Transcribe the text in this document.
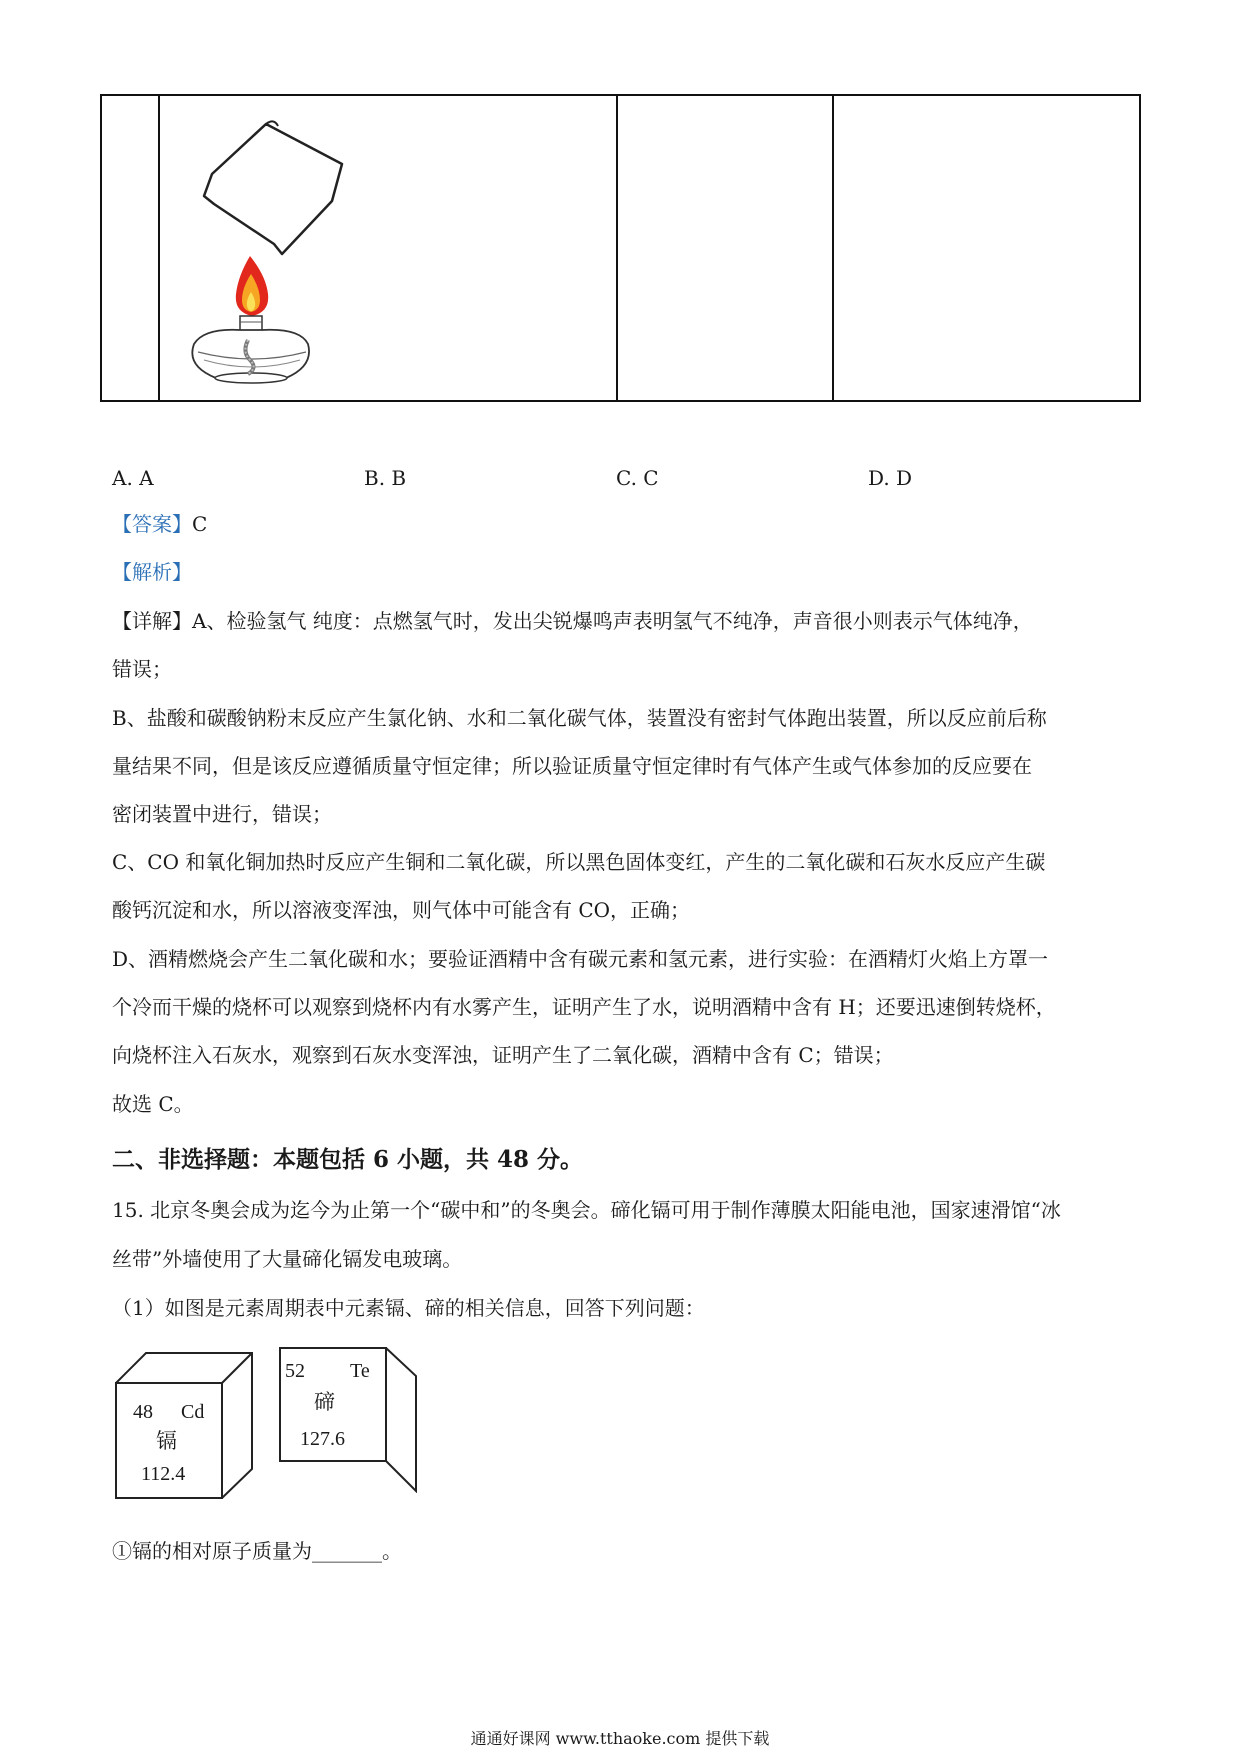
A. A	B. B	C. C	D. D
【答案】C
【解析】
【详解】A、检验氢气 纯度：点燃氢气时，发出尖锐爆鸣声表明氢气不纯净，声音很小则表示气体纯净，
错误；
B、盐酸和碳酸钠粉末反应产生氯化钠、水和二氧化碳气体，装置没有密封气体跑出装置，所以反应前后称
量结果不同，但是该反应遵循质量守恒定律；所以验证质量守恒定律时有气体产生或气体参加的反应要在
密闭装置中进行，错误；
C、CO 和氧化铜加热时反应产生铜和二氧化碳，所以黑色固体变红，产生的二氧化碳和石灰水反应产生碳
酸钙沉淀和水，所以溶液变浑浊，则气体中可能含有 CO，正确；
D、酒精燃烧会产生二氧化碳和水；要验证酒精中含有碳元素和氢元素，进行实验：在酒精灯火焰上方罩一
个冷而干燥的烧杯可以观察到烧杯内有水雾产生，证明产生了水，说明酒精中含有 H；还要迅速倒转烧杯，
向烧杯注入石灰水，观察到石灰水变浑浊，证明产生了二氧化碳，酒精中含有 C；错误；
故选 C。
二、非选择题：本题包括 6 小题，共 48 分。
15. 北京冬奥会成为迄今为止第一个“碳中和”的冬奥会。碲化镉可用于制作薄膜太阳能电池，国家速滑馆“冰
丝带”外墙使用了大量碲化镉发电玻璃。
（1）如图是元素周期表中元素镉、碲的相关信息，回答下列问题：
48 Cd
镉
112.4
52 Te
碲
127.6
①镉的相对原子质量为_______。
通通好课网 www.tthaoke.com 提供下载
